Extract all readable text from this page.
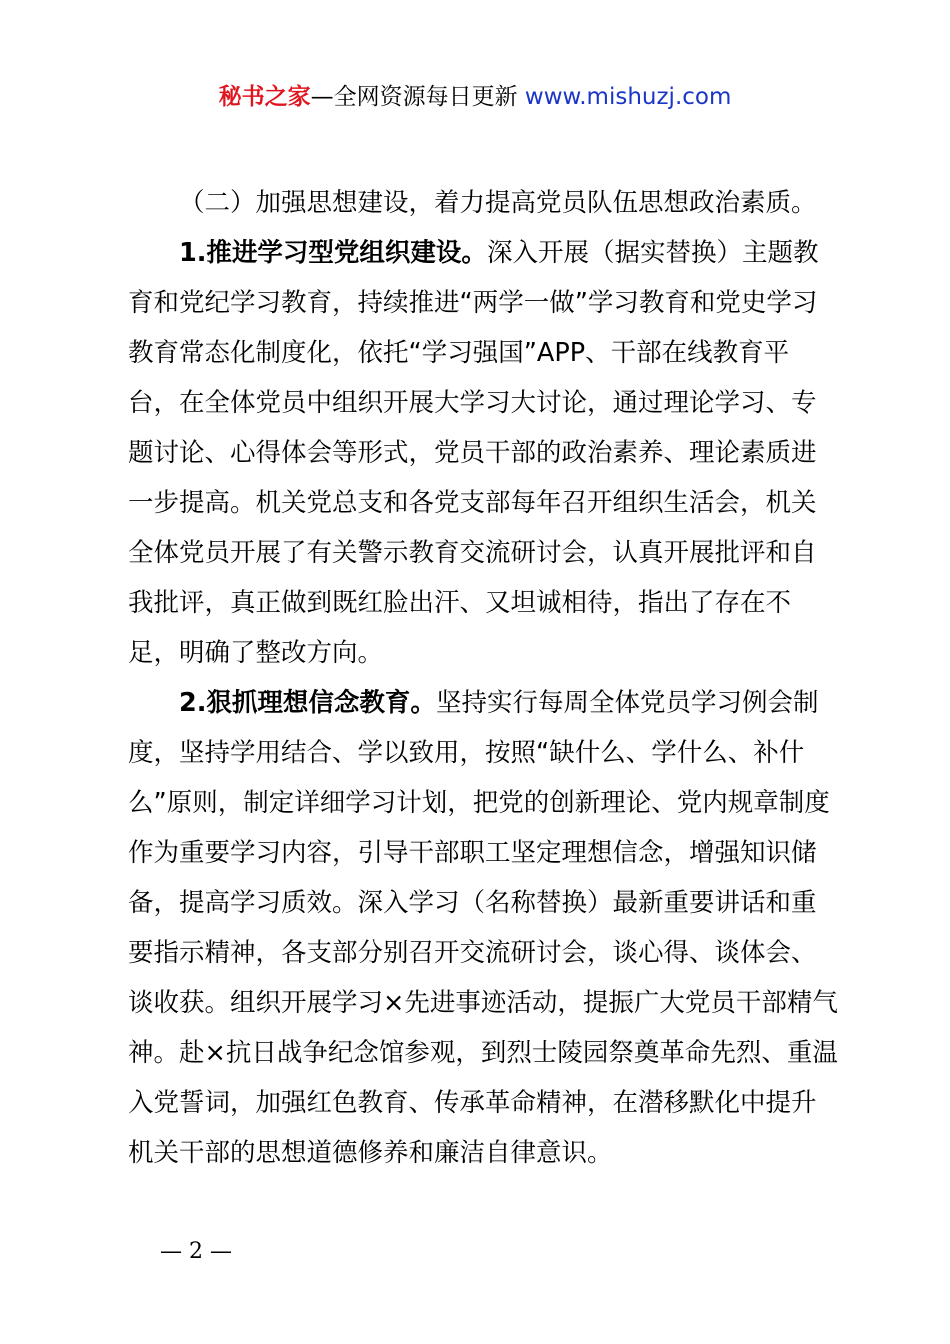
秘书之家—全网资源每日更新 www.mishuzj.com

（二）加强思想建设，着力提高党员队伍思想政治素质。

1.推进学习型党组织建设。深入开展（据实替换）主题教育和党纪学习教育，持续推进“两学一做”学习教育和党史学习教育常态化制度化，依托“学习强国”APP、干部在线教育平台，在全体党员中组织开展大学习大讨论，通过理论学习、专题讨论、心得体会等形式，党员干部的政治素养、理论素质进一步提高。机关党总支和各党支部每年召开组织生活会，机关全体党员开展了有关警示教育交流研讨会，认真开展批评和自我批评，真正做到既红脸出汗、又坦诚相待，指出了存在不足，明确了整改方向。

2.狠抓理想信念教育。坚持实行每周全体党员学习例会制度，坚持学用结合、学以致用，按照“缺什么、学什么、补什么”原则，制定详细学习计划，把党的创新理论、党内规章制度作为重要学习内容，引导干部职工坚定理想信念，增强知识储备，提高学习质效。深入学习（名称替换）最新重要讲话和重要指示精神，各支部分别召开交流研讨会，谈心得、谈体会、谈收获。组织开展学习×先进事迹活动，提振广大党员干部精气神。赴×抗日战争纪念馆参观，到烈士陵园祭奠革命先烈、重温入党誓词，加强红色教育、传承革命精神，在潜移默化中提升机关干部的思想道德修养和廉洁自律意识。

— 2 —
